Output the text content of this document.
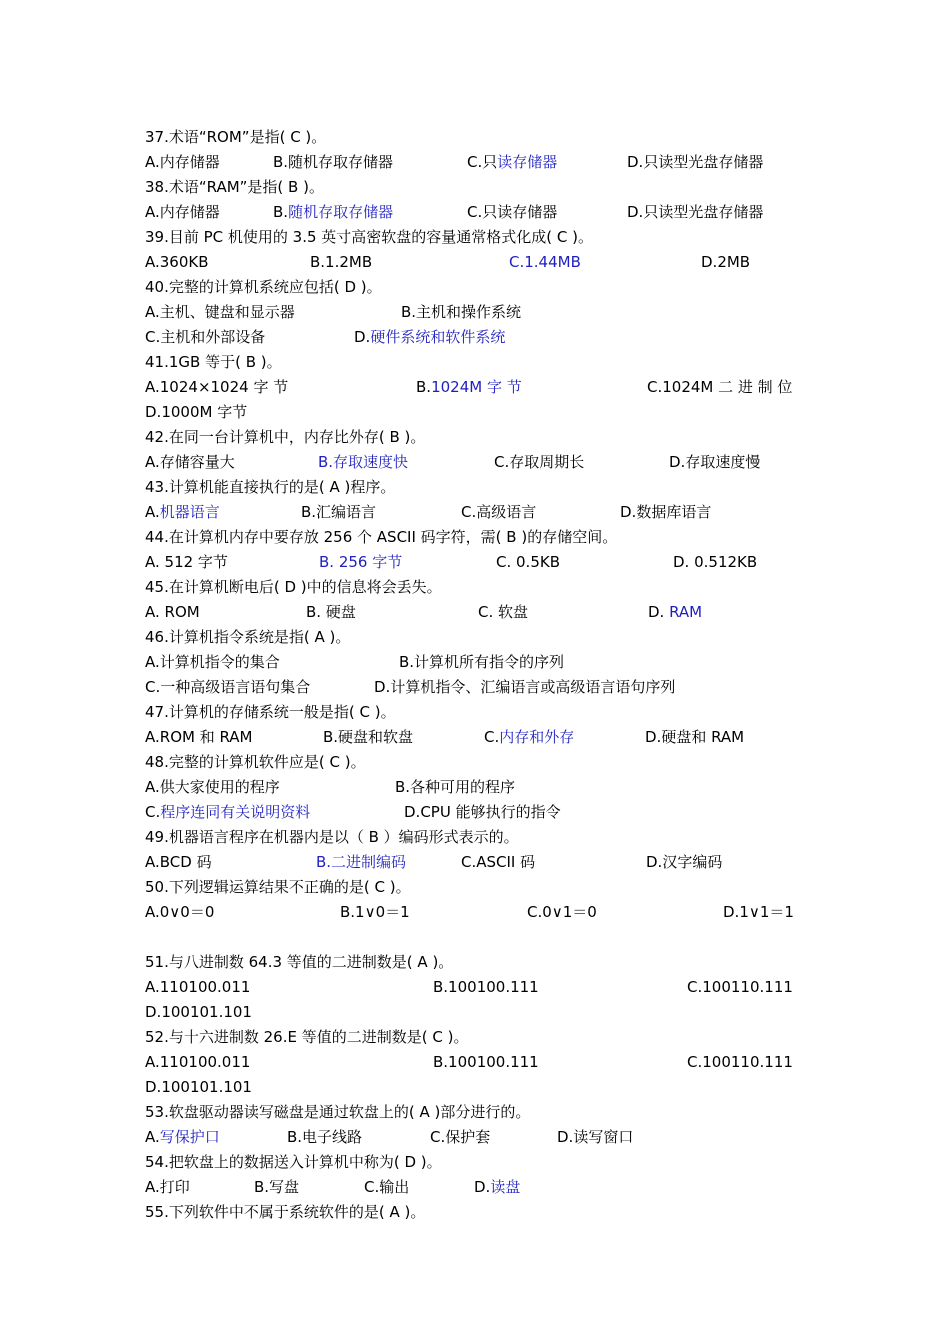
37.术语“ROM”是指( C )。
A.内存储器	B.随机存取存储器	C.只读存储器	D.只读型光盘存储器
38.术语“RAM”是指( B )。
A.内存储器	B.随机存取存储器	C.只读存储器	D.只读型光盘存储器
39.目前 PC 机使用的 3.5 英寸高密软盘的容量通常格式化成( C )。
A.360KB	B.1.2MB	C.1.44MB	D.2MB
40.完整的计算机系统应包括( D )。
A.主机、键盘和显示器	B.主机和操作系统
C.主机和外部设备	D.硬件系统和软件系统
41.1GB 等于( B )。
A.1024×1024 字 节	B.1024M 字 节	C.1024M 二 进 制 位
D.1000M 字节
42.在同一台计算机中，内存比外存( B )。
A.存储容量大	B.存取速度快	C.存取周期长	D.存取速度慢
43.计算机能直接执行的是( A )程序。
A.机器语言	B.汇编语言	C.高级语言	D.数据库语言
44.在计算机内存中要存放 256 个 ASCII 码字符，需( B )的存储空间。
A. 512 字节	B. 256 字节	C. 0.5KB	D. 0.512KB
45.在计算机断电后( D )中的信息将会丢失。
A. ROM	B. 硬盘	C. 软盘	D. RAM
46.计算机指令系统是指( A )。
A.计算机指令的集合	B.计算机所有指令的序列
C.一种高级语言语句集合	D.计算机指令、汇编语言或高级语言语句序列
47.计算机的存储系统一般是指( C )。
A.ROM 和 RAM	B.硬盘和软盘	C.内存和外存	D.硬盘和 RAM
48.完整的计算机软件应是( C )。
A.供大家使用的程序	B.各种可用的程序
C.程序连同有关说明资料	D.CPU 能够执行的指令
49.机器语言程序在机器内是以（ B ）编码形式表示的。
A.BCD 码	B.二进制编码	C.ASCII 码	D.汉字编码
50.下列逻辑运算结果不正确的是( C )。
A.0∨0＝0	B.1∨0＝1	C.0∨1＝0	D.1∨1＝1
51.与八进制数 64.3 等值的二进制数是( A )。
A.110100.011	B.100100.111	C.100110.111
D.100101.101
52.与十六进制数 26.E 等值的二进制数是( C )。
A.110100.011	B.100100.111	C.100110.111
D.100101.101
53.软盘驱动器读写磁盘是通过软盘上的( A )部分进行的。
A.写保护口	B.电子线路	C.保护套	D.读写窗口
54.把软盘上的数据送入计算机中称为( D )。
A.打印	B.写盘	C.输出	D.读盘
55.下列软件中不属于系统软件的是( A )。
